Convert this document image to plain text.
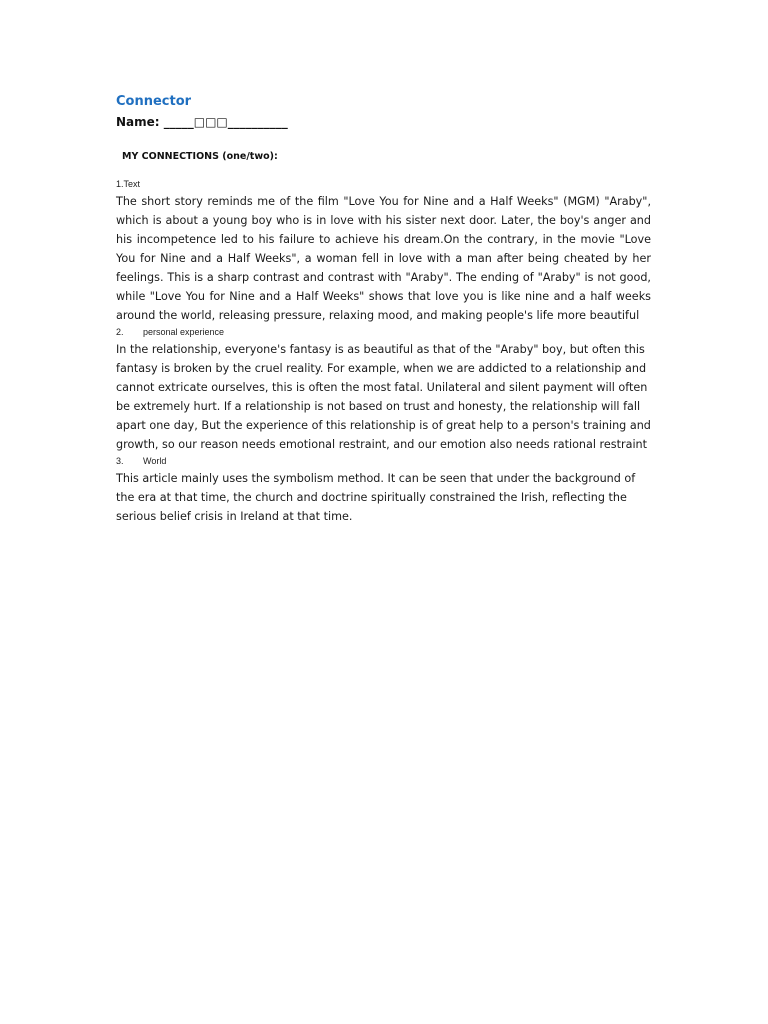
Connector

Name: _____□□□__________

MY CONNECTIONS (one/two):

1.Text

The short story reminds me of the film "Love You for Nine and a Half Weeks" (MGM) "Araby", which is about a young boy who is in love with his sister next door. Later, the boy's anger and his incompetence led to his failure to achieve his dream.On the contrary, in the movie "Love You for Nine and a Half Weeks", a woman fell in love with a man after being cheated by her feelings. This is a sharp contrast and contrast with "Araby". The ending of "Araby" is not good, while "Love You for Nine and a Half Weeks" shows that love you is like nine and a half weeks around the world, releasing pressure, relaxing mood, and making people's life more beautiful

2. personal experience

In the relationship, everyone's fantasy is as beautiful as that of the "Araby" boy, but often this fantasy is broken by the cruel reality. For example, when we are addicted to a relationship and cannot extricate ourselves, this is often the most fatal. Unilateral and silent payment will often be extremely hurt. If a relationship is not based on trust and honesty, the relationship will fall apart one day, But the experience of this relationship is of great help to a person's training and growth, so our reason needs emotional restraint, and our emotion also needs rational restraint

3. World

This article mainly uses the symbolism method. It can be seen that under the background of the era at that time, the church and doctrine spiritually constrained the Irish, reflecting the serious belief crisis in Ireland at that time.
